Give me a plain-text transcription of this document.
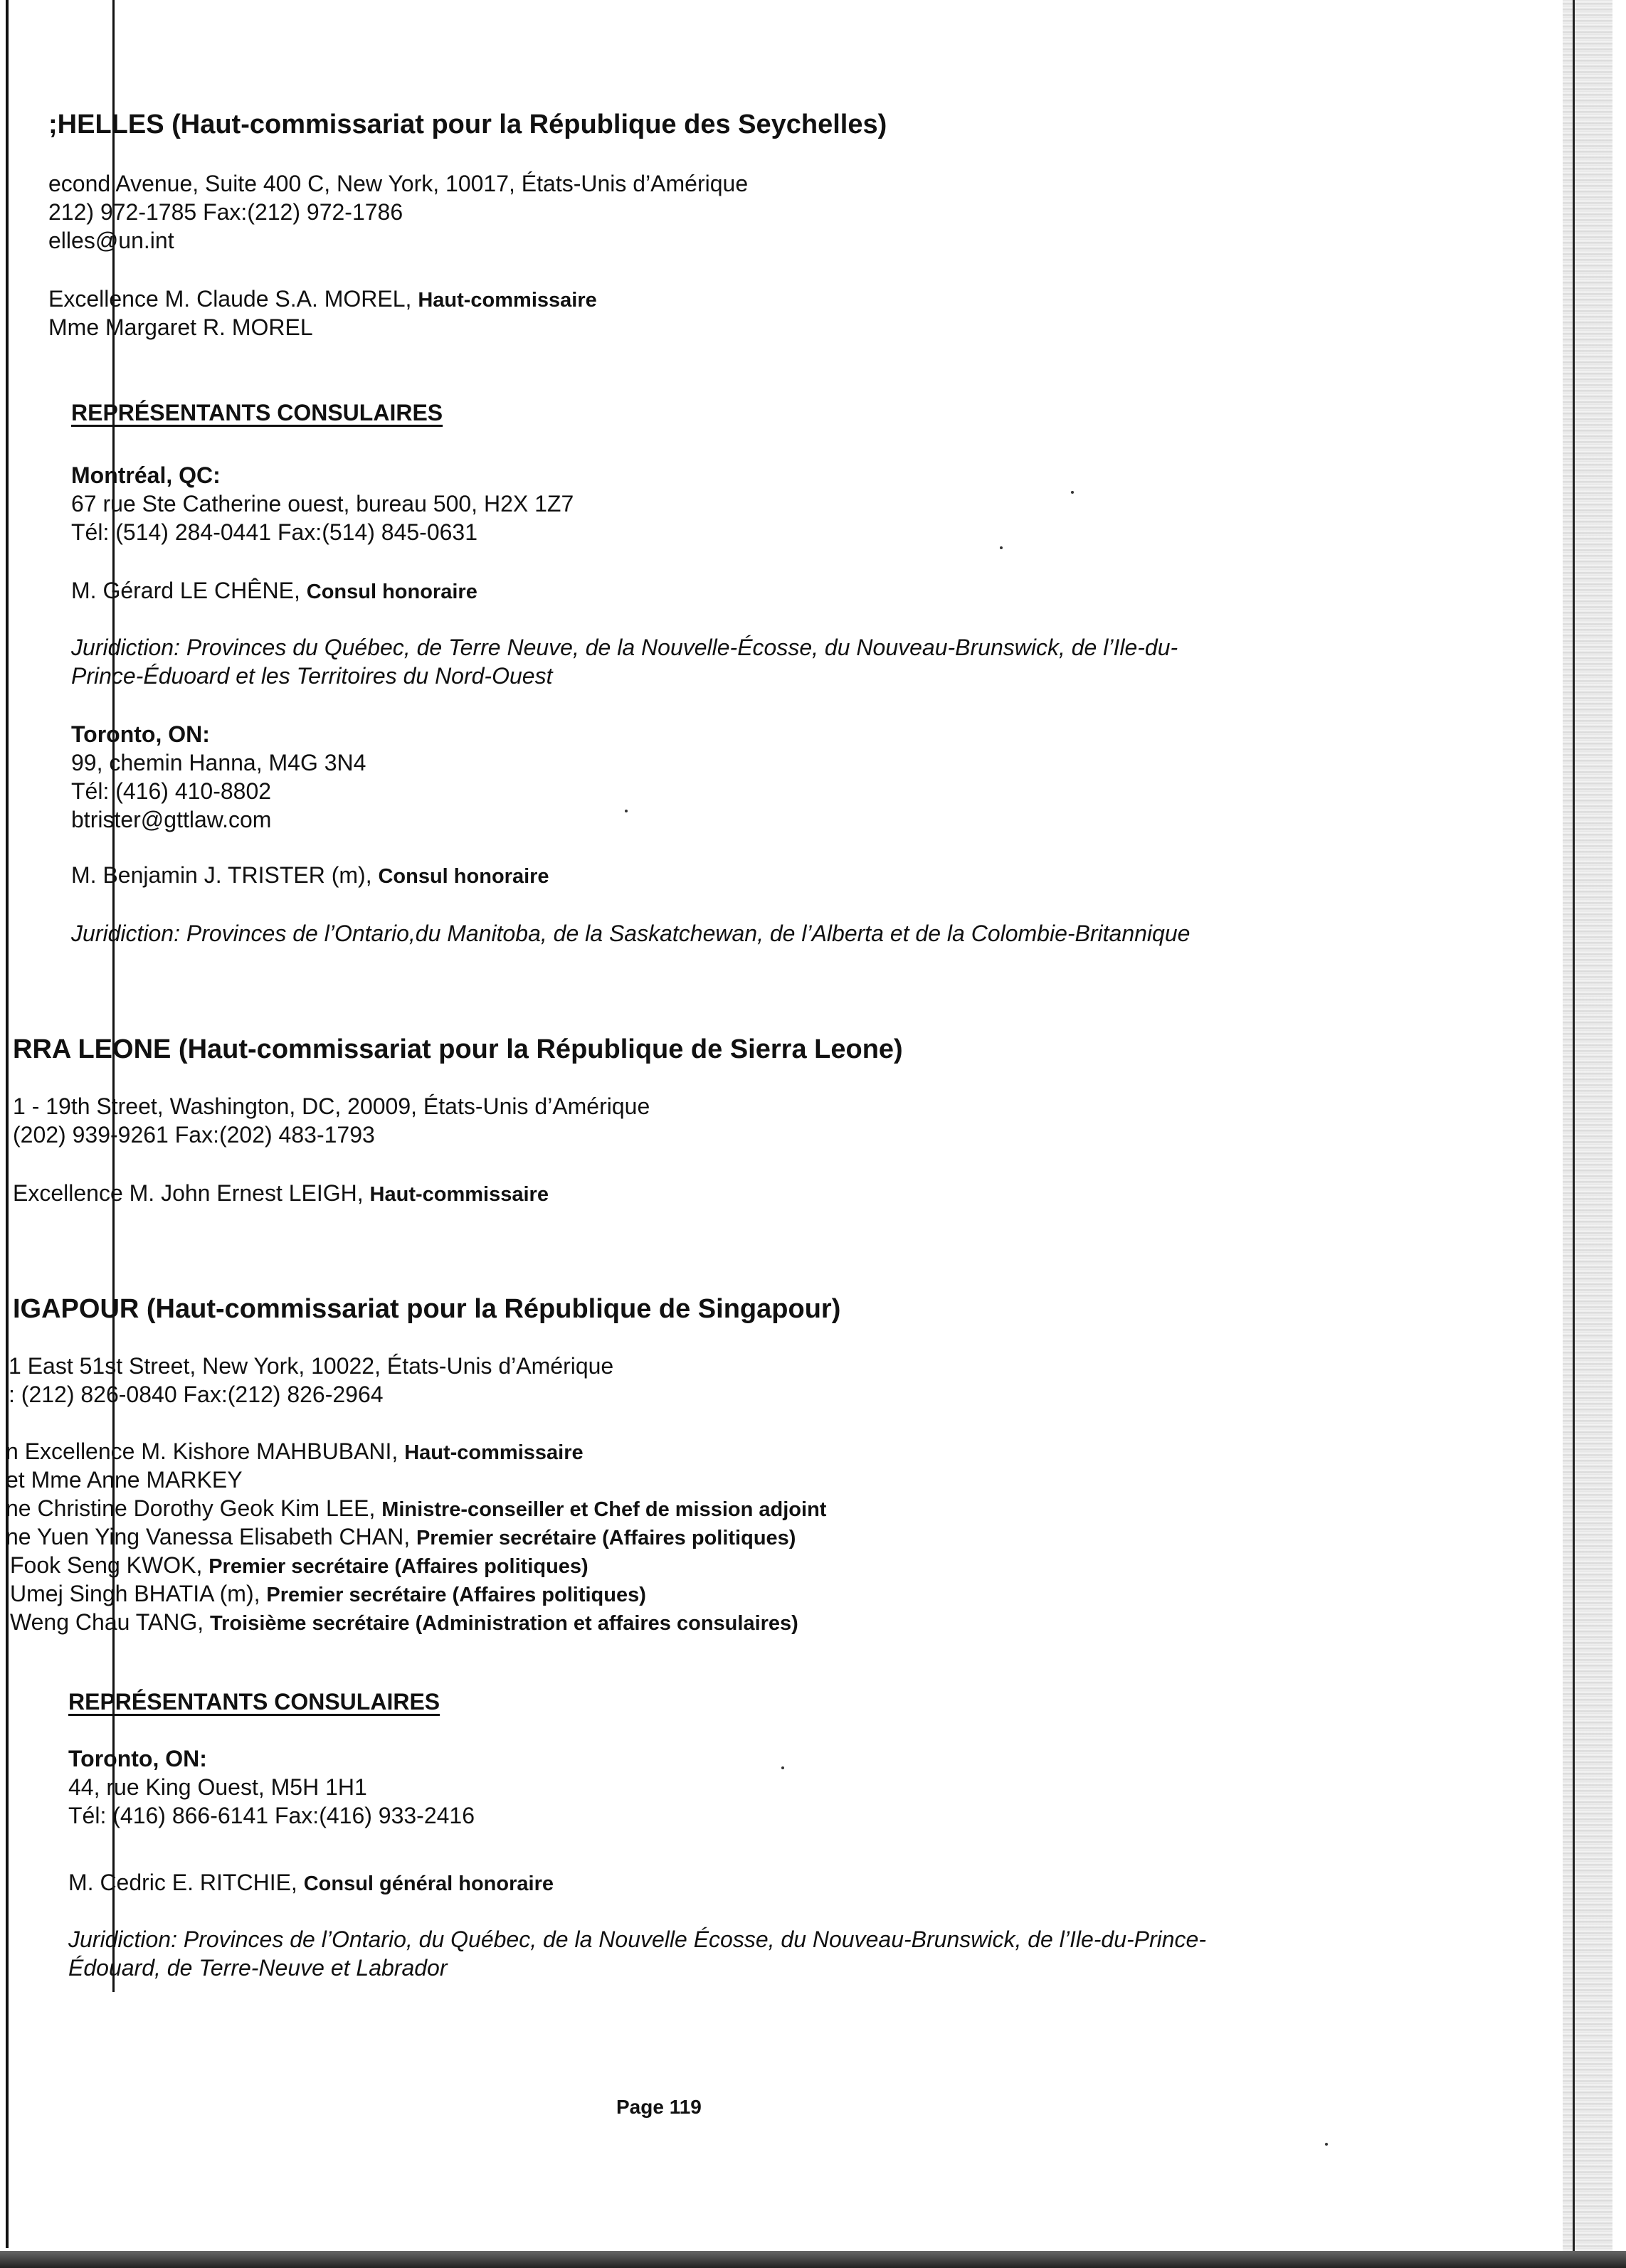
;HELLES (Haut-commissariat pour la République des Seychelles)
econd Avenue, Suite 400 C, New York, 10017, États-Unis d’Amérique
212) 972-1785 Fax:(212) 972-1786
elles@un.int
Excellence M. Claude S.A. MOREL, Haut-commissaire
Mme Margaret R. MOREL
REPRÉSENTANTS CONSULAIRES
Montréal, QC:
67 rue Ste Catherine ouest, bureau 500, H2X 1Z7
Tél: (514) 284-0441 Fax:(514) 845-0631
M. Gérard LE CHÊNE, Consul honoraire
Juridiction: Provinces du Québec, de Terre Neuve, de la Nouvelle-Écosse, du Nouveau-Brunswick, de l’Ile-du-
Prince-Éduoard et les Territoires du Nord-Ouest
Toronto, ON:
99, chemin Hanna, M4G 3N4
Tél: (416) 410-8802
btrister@gttlaw.com
M. Benjamin J. TRISTER (m), Consul honoraire
Juridiction: Provinces de l’Ontario,du Manitoba, de la Saskatchewan, de l’Alberta et de la Colombie-Britannique
RRA LEONE (Haut-commissariat pour la République de Sierra Leone)
1 - 19th Street, Washington, DC, 20009, États-Unis d’Amérique
(202) 939-9261 Fax:(202) 483-1793
Excellence M. John Ernest LEIGH, Haut-commissaire
IGAPOUR (Haut-commissariat pour la République de Singapour)
1 East 51st Street, New York, 10022, États-Unis d’Amérique
: (212) 826-0840 Fax:(212) 826-2964
n Excellence M. Kishore MAHBUBANI, Haut-commissaire
et Mme Anne MARKEY
ne Christine Dorothy Geok Kim LEE, Ministre-conseiller et Chef de mission adjoint
ne Yuen Ying Vanessa Elisabeth CHAN, Premier secrétaire (Affaires politiques)
Fook Seng KWOK, Premier secrétaire (Affaires politiques)
Umej Singh BHATIA (m), Premier secrétaire (Affaires politiques)
Weng Chau TANG, Troisième secrétaire (Administration et affaires consulaires)
REPRÉSENTANTS CONSULAIRES
Toronto, ON:
44, rue King Ouest, M5H 1H1
Tél: (416) 866-6141 Fax:(416) 933-2416
M. Cedric E. RITCHIE, Consul général honoraire
Juridiction: Provinces de l’Ontario, du Québec, de la Nouvelle Écosse, du Nouveau-Brunswick, de l’Ile-du-Prince-
Édouard, de Terre-Neuve et Labrador
Page 119
